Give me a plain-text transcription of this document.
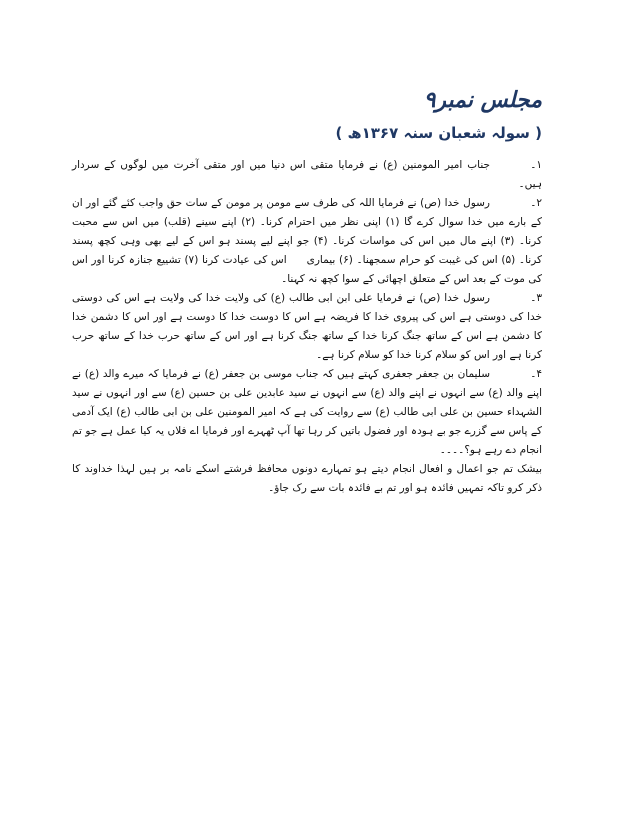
مجلس نمبر۹
( سولہ شعبان سنہ ۱۳۶۷ھ )

۱۔جناب امیر المومنین (ع) نے فرمایا متقی اس دنیا میں اور متقی آخرت میں لوگوں کے سردار ہیں۔

۲۔رسول خدا (ص) نے فرمایا اللہ کی طرف سے مومن پر مومن کے سات حق واجب کئے گئے اور ان کے بارے میں خدا سوال کرے گا (۱) اپنی نظر میں احترام کرنا۔ (۲) اپنے سینے (قلب) میں اس سے محبت کرنا۔ (۳) اپنے مال میں اس کی مواسات کرنا۔ (۴) جو اپنے لیے پسند ہو اس کے لیے بھی وہی کچھ پسند کرنا۔ (۵) اس کی غیبت کو حرام سمجھنا۔ (۶) بیماریاس کی عیادت کرنا (۷) تشییع جنازہ کرنا اور اس کی موت کے بعد اس کے متعلق اچھائی کے سوا کچھ نہ کہنا۔

۳۔رسول خدا (ص) نے فرمایا علی ابن ابی طالب (ع) کی ولایت خدا کی ولایت ہے اس کی دوستی خدا کی دوستی ہے اس کی پیروی خدا کا فریضہ ہے اس کا دوست خدا کا دوست ہے اور اس کا دشمن خدا کا دشمن ہے اس کے ساتھ جنگ کرنا خدا کے ساتھ جنگ کرنا ہے اور اس کے ساتھ حرب خدا کے ساتھ حرب کرنا ہے اور اس کو سلام کرنا خدا کو سلام کرنا ہے۔

۴۔سلیمان بن جعفر جعفری کہتے ہیں کہ جناب موسی بن جعفر (ع) نے فرمایا کہ میرے والد (ع) نے اپنے والد (ع) سے انہوں نے اپنے والد (ع) سے انہوں نے سید عابدین علی بن حسین (ع) سے اور انہوں نے سید الشہداء حسین بن علی ابی طالب (ع) سے روایت کی ہے کہ امیر المومنین علی بن ابی طالب (ع) ایک آدمی کے پاس سے گزرے جو بے ہودہ اور فضول باتیں کر رہا تھا آپ ٹھہرے اور فرمایا اے فلاں یہ کیا عمل ہے جو تم انجام دے رہے ہو؟۔۔۔۔

بیشک تم جو اعمال و افعال انجام دیتے ہو تمہارے دونوں محافظ فرشتے اسکے نامہ بر ہیں لہذا خداوند کا ذکر کرو تاکہ تمہیں فائدہ ہو اور تم بے فائدہ بات سے رک جاؤ۔
